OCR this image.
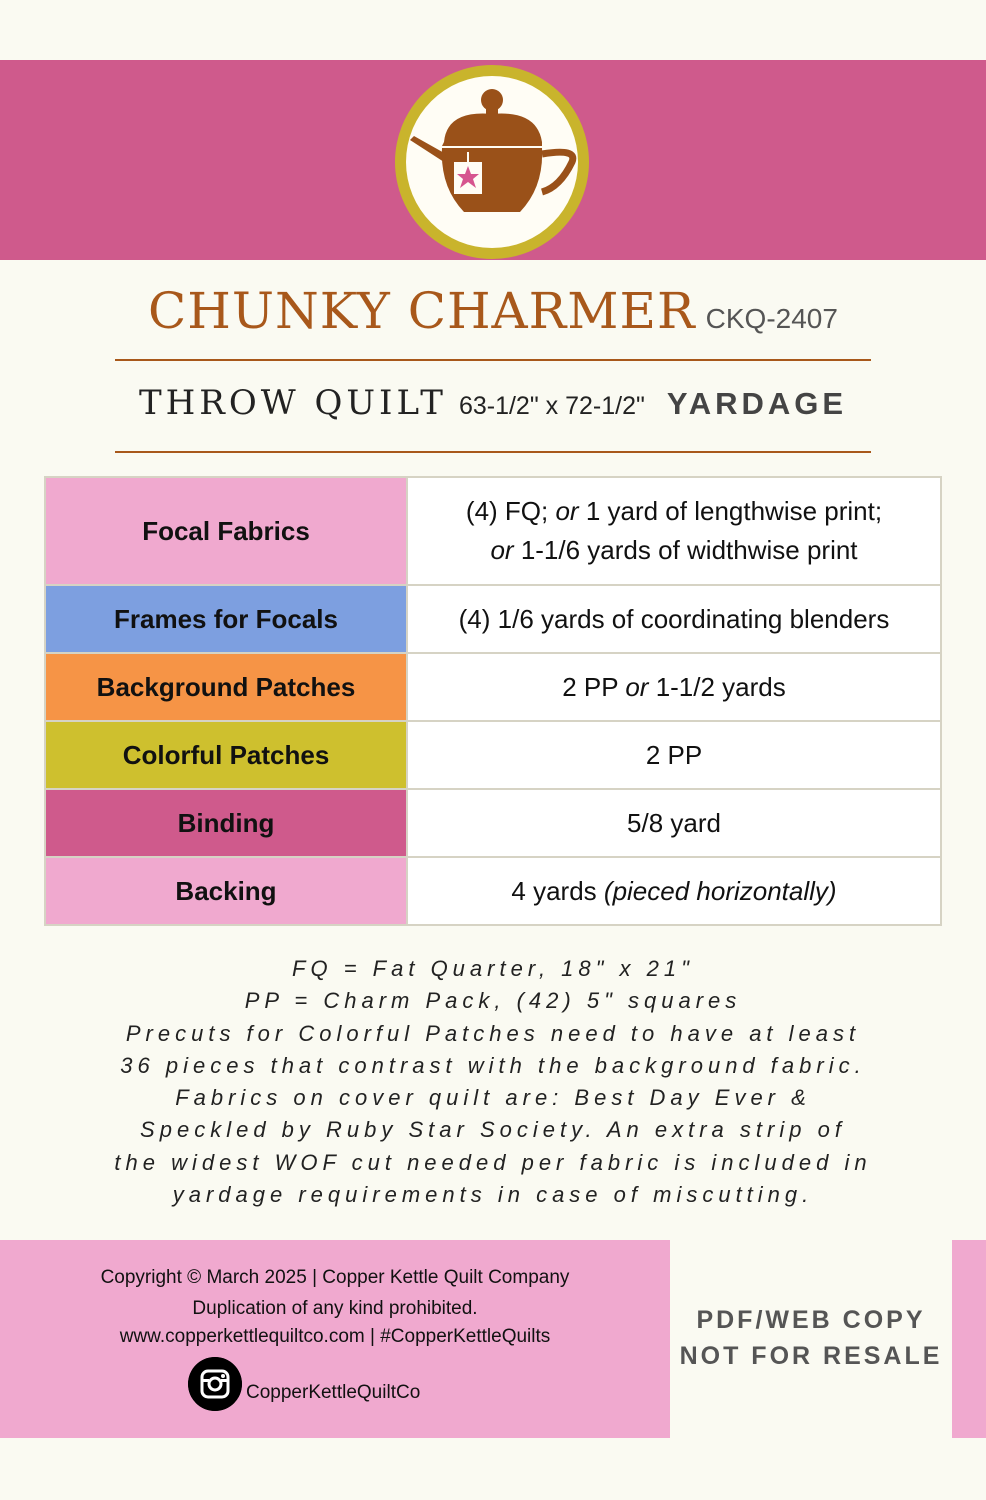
CHUNKY CHARMER CKQ-2407
THROW QUILT 63-1/2" x 72-1/2" YARDAGE
Focal Fabrics	(4) FQ; or 1 yard of lengthwise print;
or 1-1/6 yards of widthwise print

Frames for Focals	(4) 1/6 yards of coordinating blenders

Background Patches	2 PP or 1-1/2 yards

Colorful Patches	2 PP

Binding	5/8 yard

Backing	4 yards (pieced horizontally)
FQ = Fat Quarter, 18" x 21"
PP = Charm Pack, (42) 5" squares
Precuts for Colorful Patches need to have at least
36 pieces that contrast with the background fabric.
Fabrics on cover quilt are: Best Day Ever &
Speckled by Ruby Star Society. An extra strip of
the widest WOF cut needed per fabric is included in
yardage requirements in case of miscutting.
Copyright © March 2025 | Copper Kettle Quilt Company
Duplication of any kind prohibited.
www.copperkettlequiltco.com | #CopperKettleQuilts
CopperKettleQuiltCo
PDF/WEB COPY
NOT FOR RESALE
